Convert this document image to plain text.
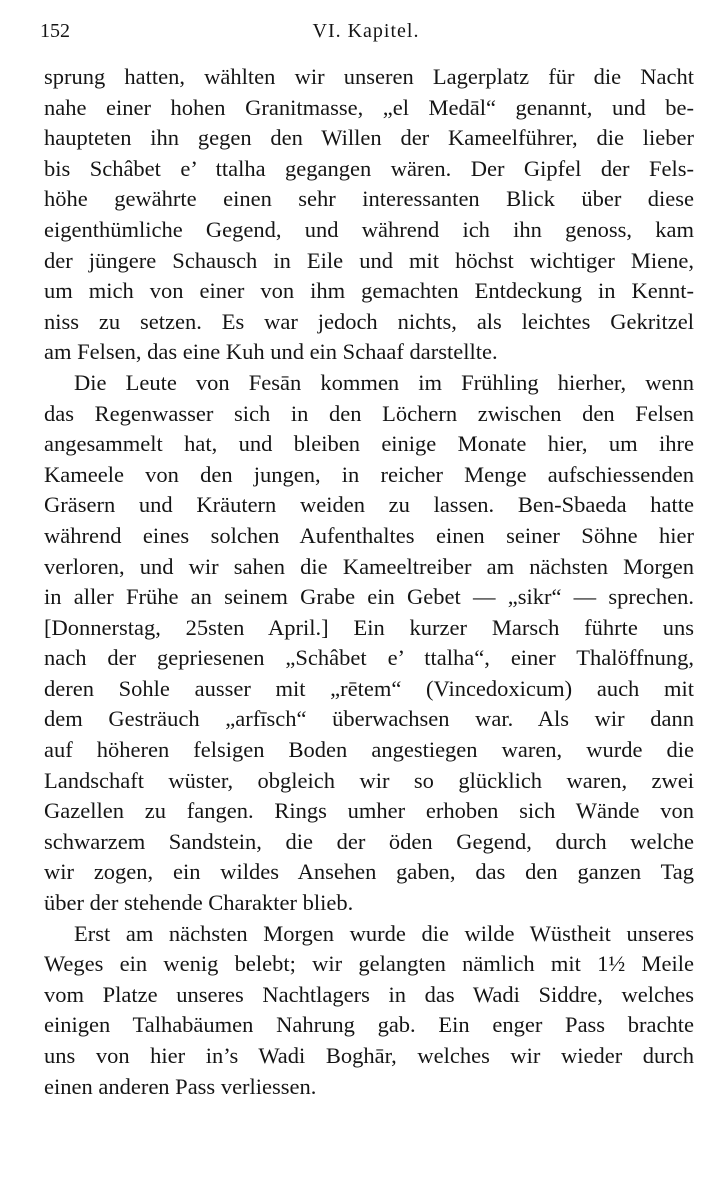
152	VI. Kapitel.
sprung hatten, wählten wir unseren Lagerplatz für die Nacht
nahe einer hohen Granitmasse, „el Medāl“ genannt, und be-
haupteten ihn gegen den Willen der Kameelführer, die lieber
bis Schâbet e’ ttalha gegangen wären. Der Gipfel der Fels-
höhe gewährte einen sehr interessanten Blick über diese
eigenthümliche Gegend, und während ich ihn genoss, kam
der jüngere Schausch in Eile und mit höchst wichtiger Miene,
um mich von einer von ihm gemachten Entdeckung in Kennt-
niss zu setzen. Es war jedoch nichts, als leichtes Gekritzel
am Felsen, das eine Kuh und ein Schaaf darstellte.
Die Leute von Fesān kommen im Frühling hierher, wenn
das Regenwasser sich in den Löchern zwischen den Felsen
angesammelt hat, und bleiben einige Monate hier, um ihre
Kameele von den jungen, in reicher Menge aufschiessenden
Gräsern und Kräutern weiden zu lassen. Ben-Sbaeda hatte
während eines solchen Aufenthaltes einen seiner Söhne hier
verloren, und wir sahen die Kameeltreiber am nächsten Morgen
in aller Frühe an seinem Grabe ein Gebet — „sikr“ — sprechen.
[Donnerstag, 25sten April.] Ein kurzer Marsch führte uns
nach der gepriesenen „Schâbet e’ ttalha“, einer Thalöffnung,
deren Sohle ausser mit „rētem“ (Vincedoxicum) auch mit
dem Gesträuch „arfīsch“ überwachsen war. Als wir dann
auf höheren felsigen Boden angestiegen waren, wurde die
Landschaft wüster, obgleich wir so glücklich waren, zwei
Gazellen zu fangen. Rings umher erhoben sich Wände von
schwarzem Sandstein, die der öden Gegend, durch welche
wir zogen, ein wildes Ansehen gaben, das den ganzen Tag
über der stehende Charakter blieb.
Erst am nächsten Morgen wurde die wilde Wüstheit unseres
Weges ein wenig belebt; wir gelangten nämlich mit 1½ Meile
vom Platze unseres Nachtlagers in das Wadi Siddre, welches
einigen Talhabäumen Nahrung gab. Ein enger Pass brachte
uns von hier in’s Wadi Boghār, welches wir wieder durch
einen anderen Pass verliessen.
